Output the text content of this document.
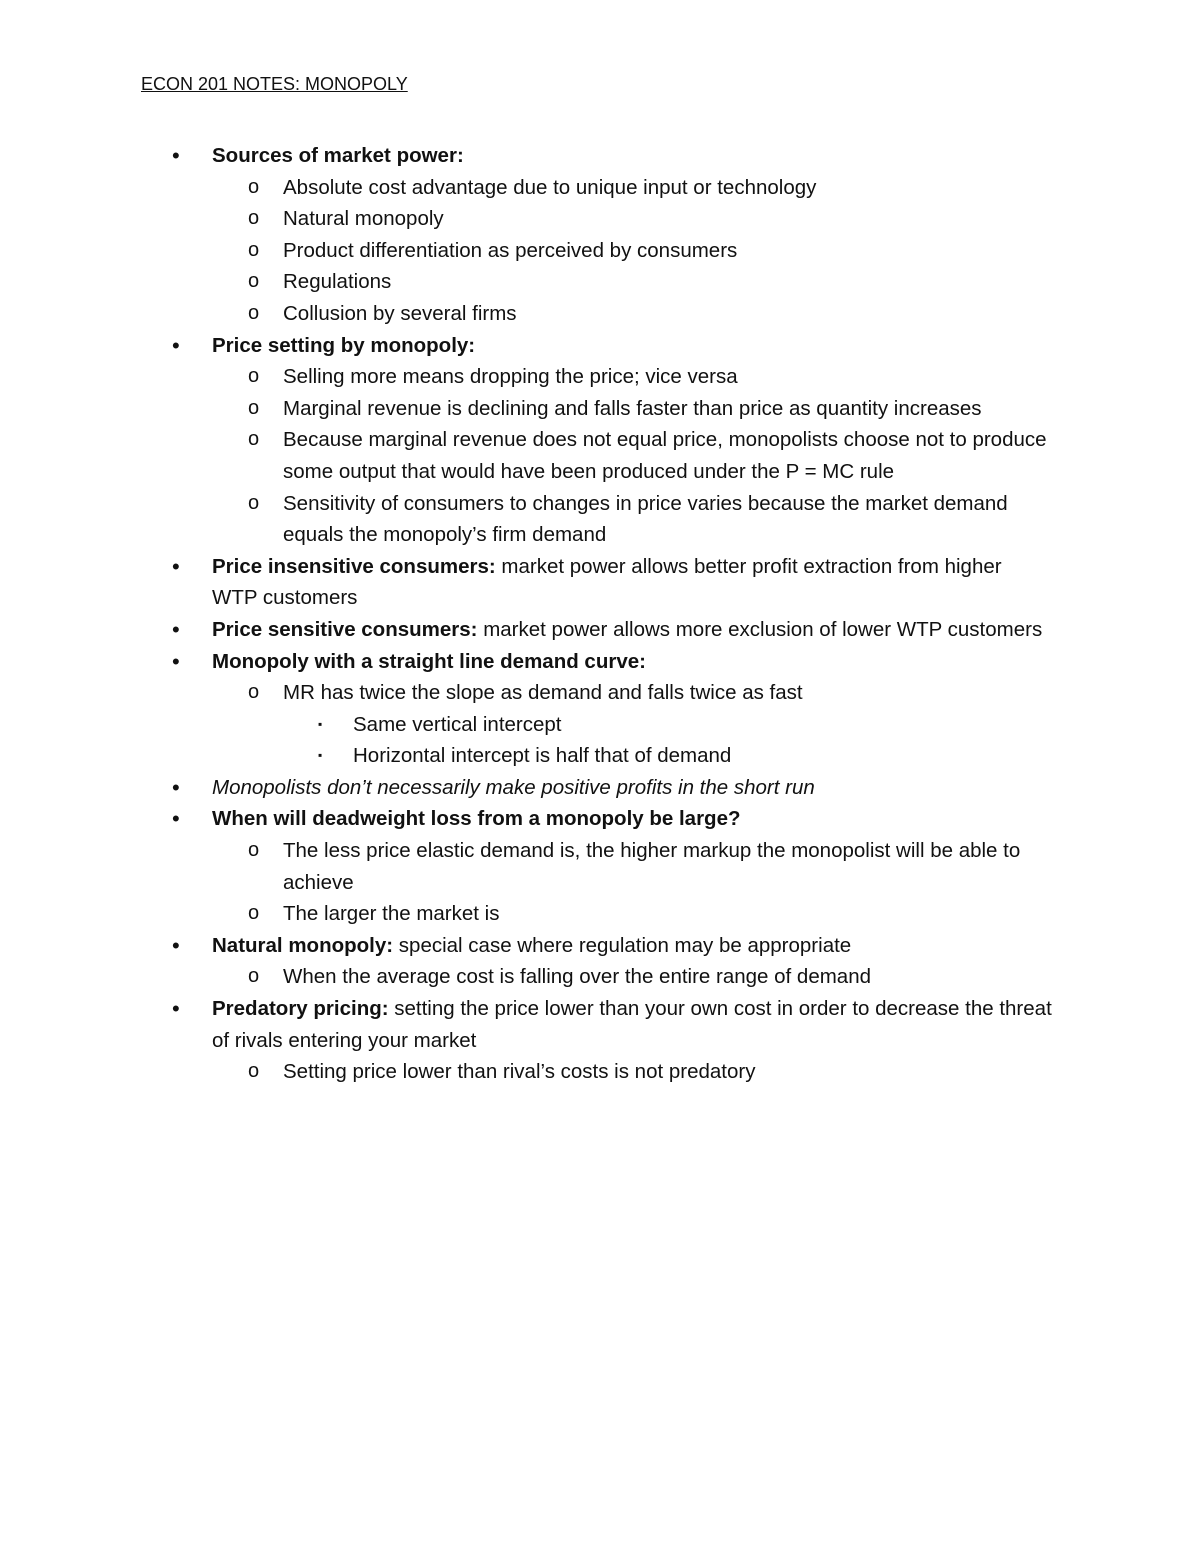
ECON 201 NOTES: MONOPOLY
• Sources of market power:
o Absolute cost advantage due to unique input or technology
o Natural monopoly
o Product differentiation as perceived by consumers
o Regulations
o Collusion by several firms
• Price setting by monopoly:
o Selling more means dropping the price; vice versa
o Marginal revenue is declining and falls faster than price as quantity increases
o Because marginal revenue does not equal price, monopolists choose not to produce some output that would have been produced under the P = MC rule
o Sensitivity of consumers to changes in price varies because the market demand equals the monopoly’s firm demand
• Price insensitive consumers: market power allows better profit extraction from higher WTP customers
• Price sensitive consumers: market power allows more exclusion of lower WTP customers
• Monopoly with a straight line demand curve:
o MR has twice the slope as demand and falls twice as fast
▪ Same vertical intercept
▪ Horizontal intercept is half that of demand
• Monopolists don’t necessarily make positive profits in the short run
• When will deadweight loss from a monopoly be large?
o The less price elastic demand is, the higher markup the monopolist will be able to achieve
o The larger the market is
• Natural monopoly: special case where regulation may be appropriate
o When the average cost is falling over the entire range of demand
• Predatory pricing: setting the price lower than your own cost in order to decrease the threat of rivals entering your market
o Setting price lower than rival’s costs is not predatory
